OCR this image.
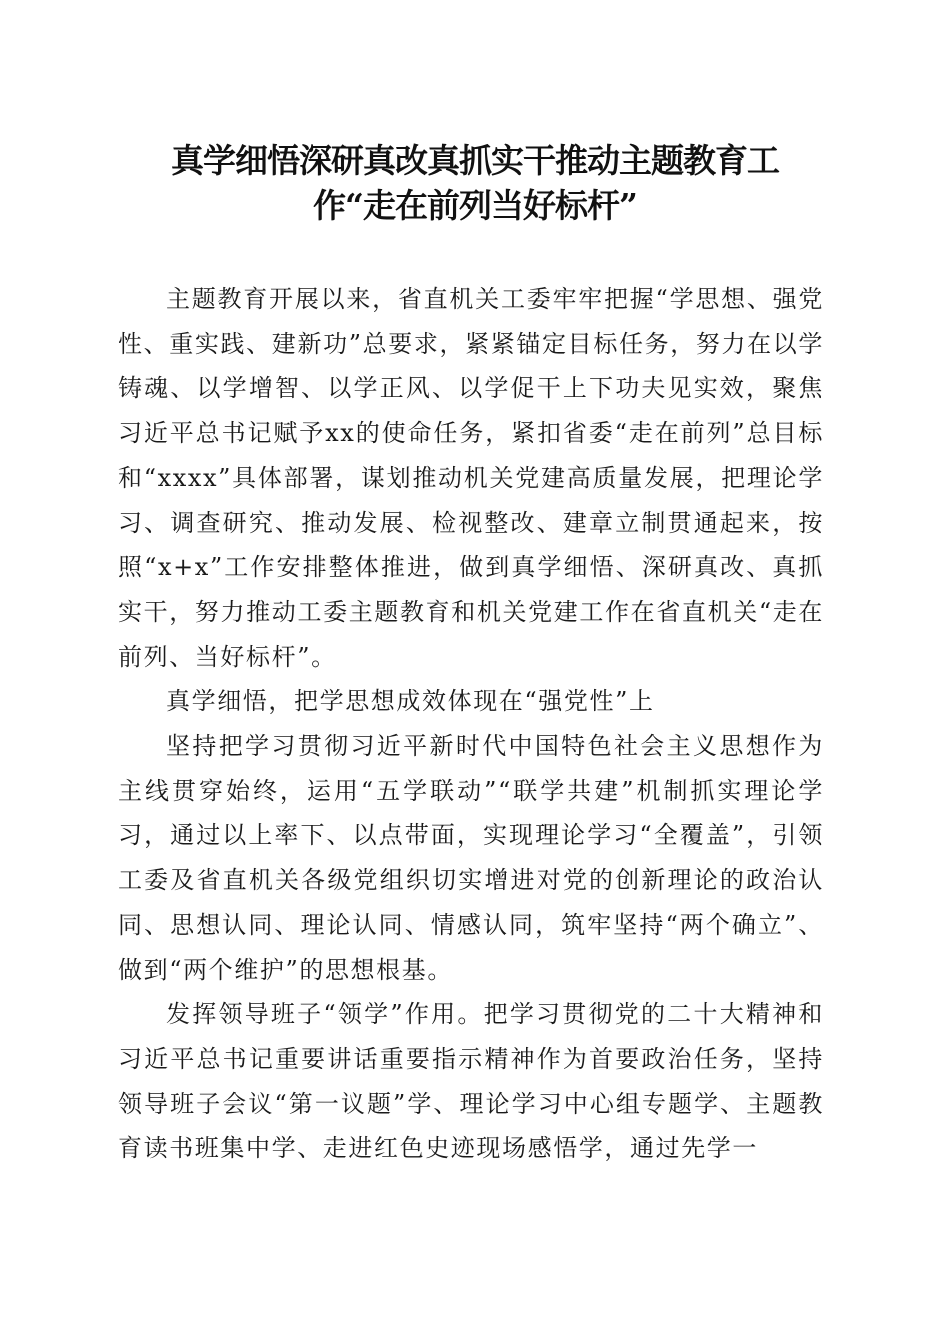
真学细悟深研真改真抓实干推动主题教育工
作“走在前列当好标杆”

主题教育开展以来，省直机关工委牢牢把握“学思想、强党性、重实践、建新功”总要求，紧紧锚定目标任务，努力在以学铸魂、以学增智、以学正风、以学促干上下功夫见实效，聚焦习近平总书记赋予xx的使命任务，紧扣省委“走在前列”总目标和“xxxx”具体部署，谋划推动机关党建高质量发展，把理论学习、调查研究、推动发展、检视整改、建章立制贯通起来，按照“x+x”工作安排整体推进，做到真学细悟、深研真改、真抓实干，努力推动工委主题教育和机关党建工作在省直机关“走在前列、当好标杆”。

真学细悟，把学思想成效体现在“强党性”上

坚持把学习贯彻习近平新时代中国特色社会主义思想作为主线贯穿始终，运用“五学联动”“联学共建”机制抓实理论学习，通过以上率下、以点带面，实现理论学习“全覆盖”，引领工委及省直机关各级党组织切实增进对党的创新理论的政治认同、思想认同、理论认同、情感认同，筑牢坚持“两个确立”、做到“两个维护”的思想根基。

发挥领导班子“领学”作用。把学习贯彻党的二十大精神和习近平总书记重要讲话重要指示精神作为首要政治任务，坚持领导班子会议“第一议题”学、理论学习中心组专题学、主题教育读书班集中学、走进红色史迹现场感悟学，通过先学一
